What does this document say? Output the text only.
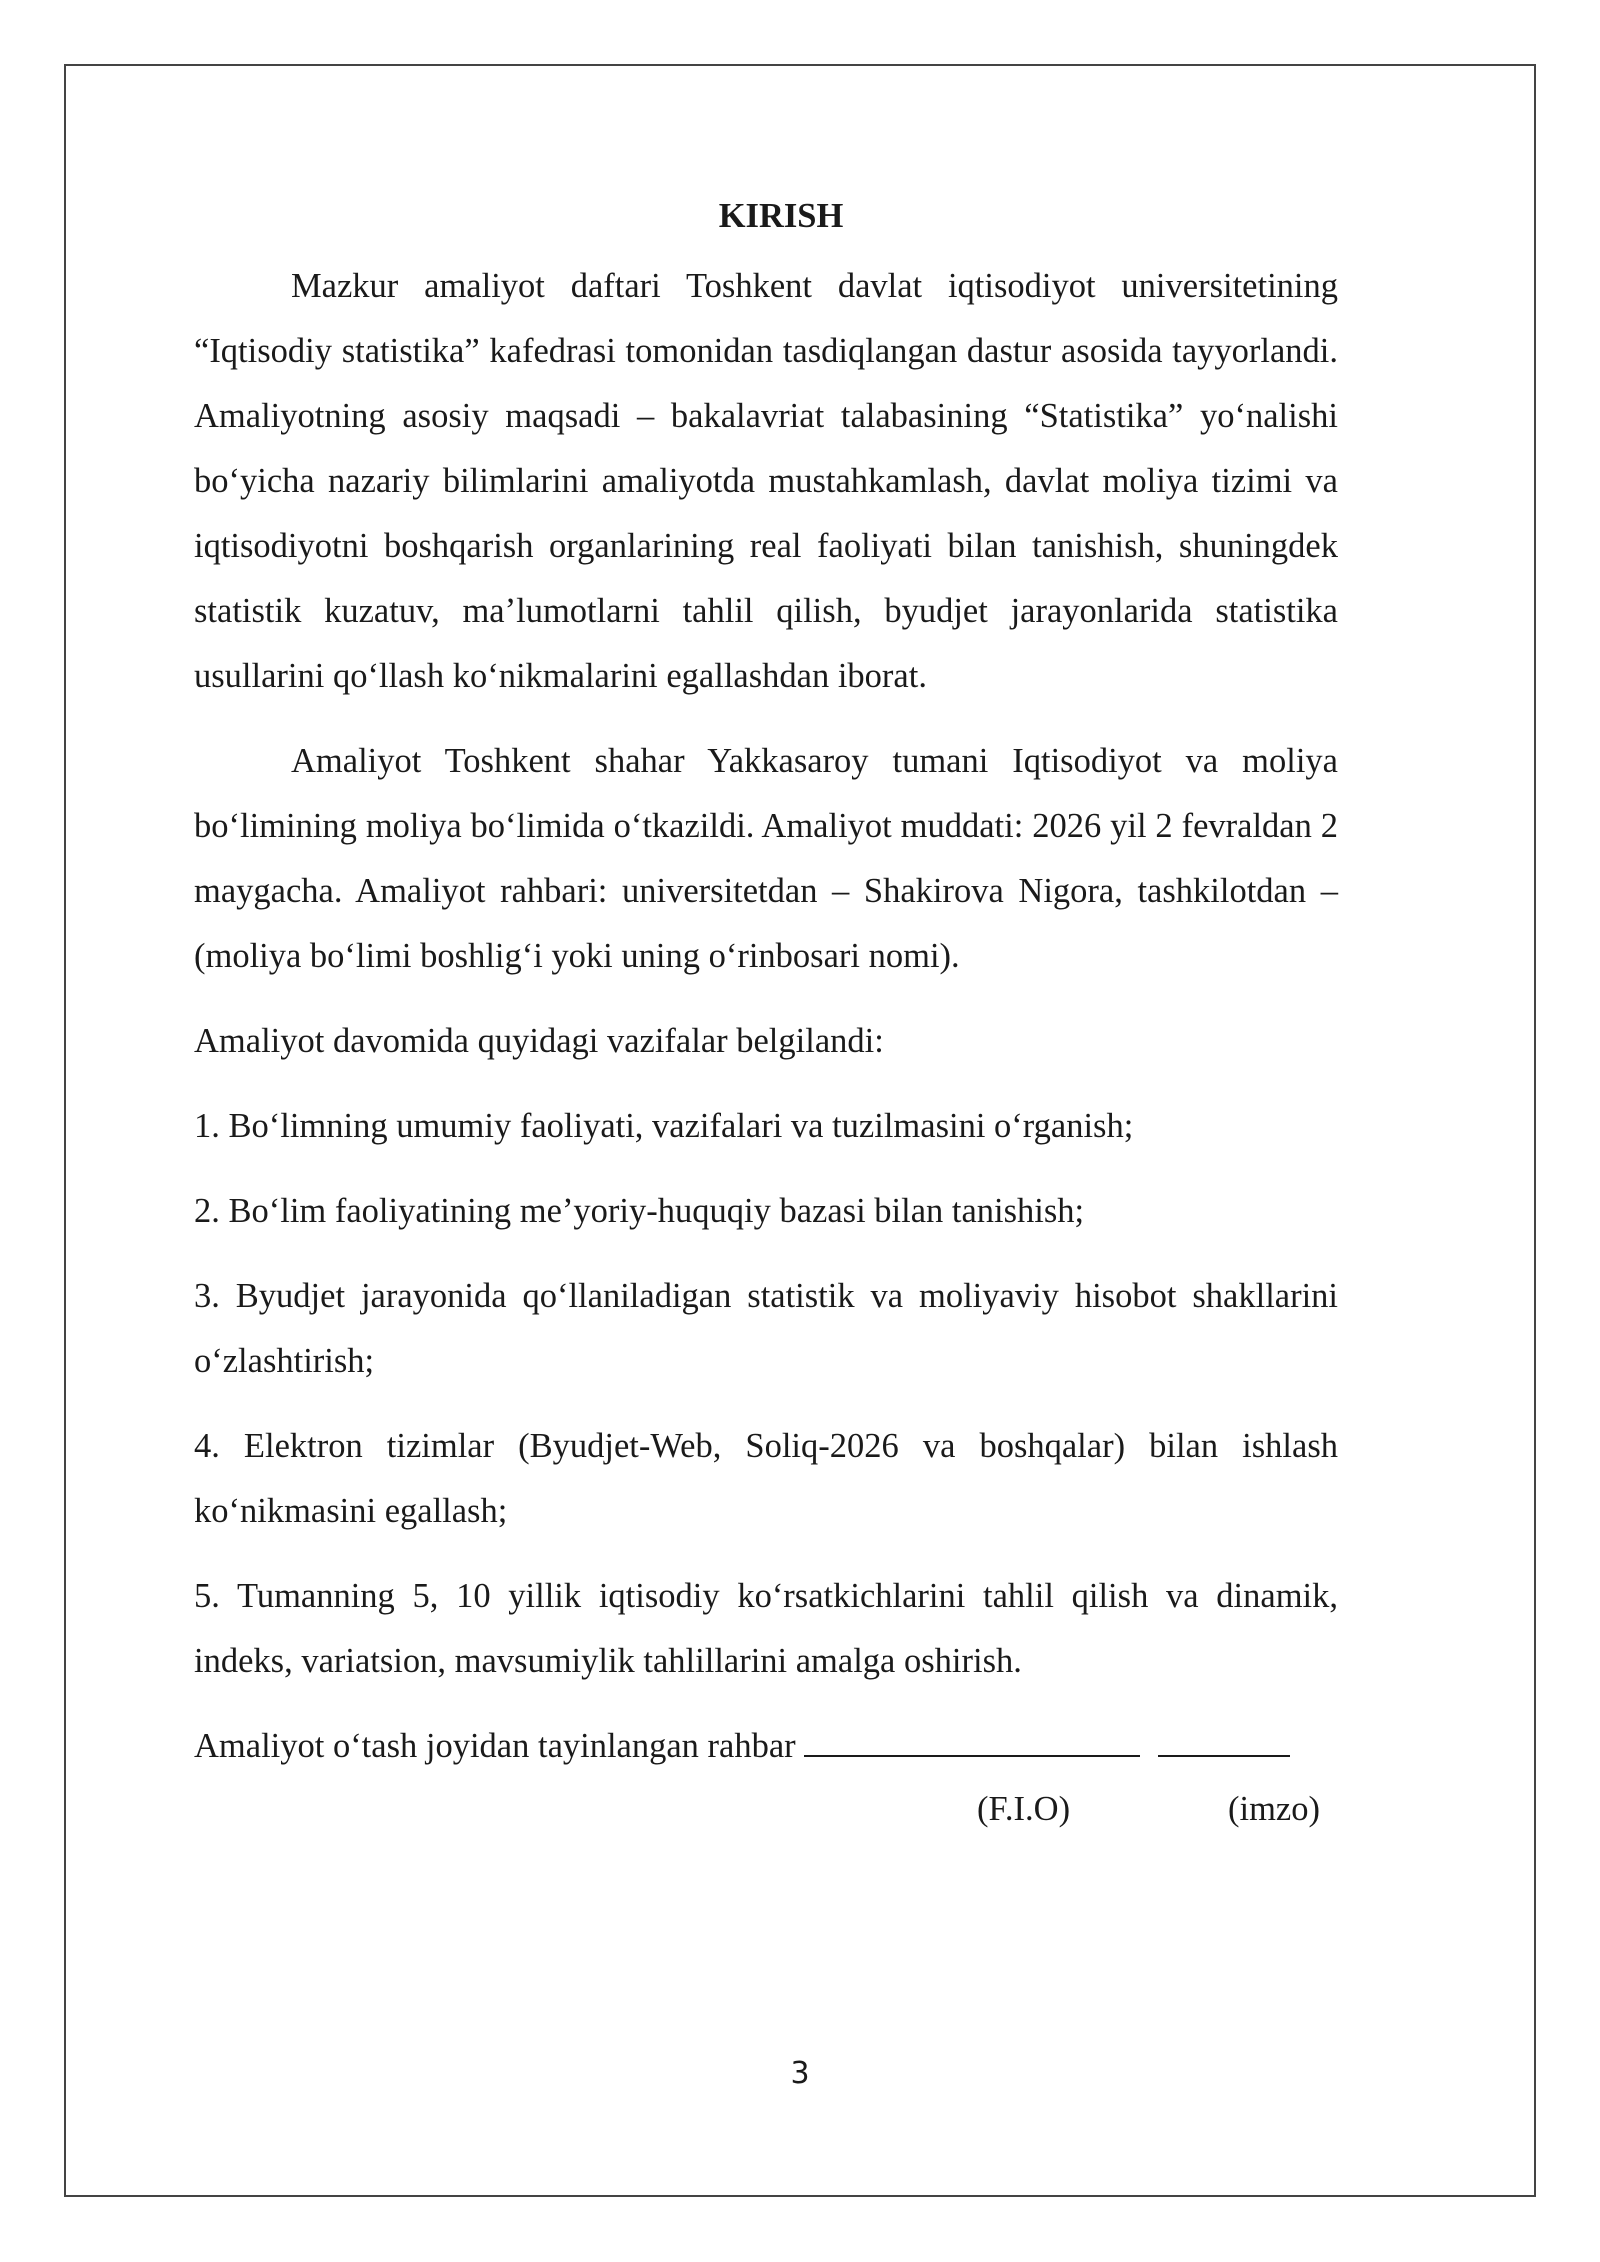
KIRISH

Mazkur amaliyot daftari Toshkent davlat iqtisodiyot universitetining “Iqtisodiy statistika” kafedrasi tomonidan tasdiqlangan dastur asosida tayyorlandi. Amaliyotning asosiy maqsadi – bakalavriat talabasining “Statistika” yoʻnalishi boʻyicha nazariy bilimlarini amaliyotda mustahkamlash, davlat moliya tizimi va iqtisodiyotni boshqarish organlarining real faoliyati bilan tanishish, shuningdek statistik kuzatuv, maʼlumotlarni tahlil qilish, byudjet jarayonlarida statistika usullarini qoʻllash koʻnikmalarini egallashdan iborat.

Amaliyot Toshkent shahar Yakkasaroy tumani Iqtisodiyot va moliya boʻlimining moliya boʻlimida oʻtkazildi. Amaliyot muddati: 2026 yil 2 fevraldan 2 maygacha. Amaliyot rahbari: universitetdan – Shakirova Nigora, tashkilotdan – (moliya boʻlimi boshligʻi yoki uning oʻrinbosari nomi).

Amaliyot davomida quyidagi vazifalar belgilandi:

1. Boʻlimning umumiy faoliyati, vazifalari va tuzilmasini oʻrganish;

2. Boʻlim faoliyatining meʼyoriy-huquqiy bazasi bilan tanishish;

3. Byudjet jarayonida qoʻllaniladigan statistik va moliyaviy hisobot shakllarini oʻzlashtirish;

4. Elektron tizimlar (Byudjet-Web, Soliq-2026 va boshqalar) bilan ishlash koʻnikmasini egallash;

5. Tumanning 5, 10 yillik iqtisodiy koʻrsatkichlarini tahlil qilish va dinamik, indeks, variatsion, mavsumiylik tahlillarini amalga oshirish.

Amaliyot oʻtash joyidan tayinlangan rahbar
(F.I.O)	(imzo)
3
